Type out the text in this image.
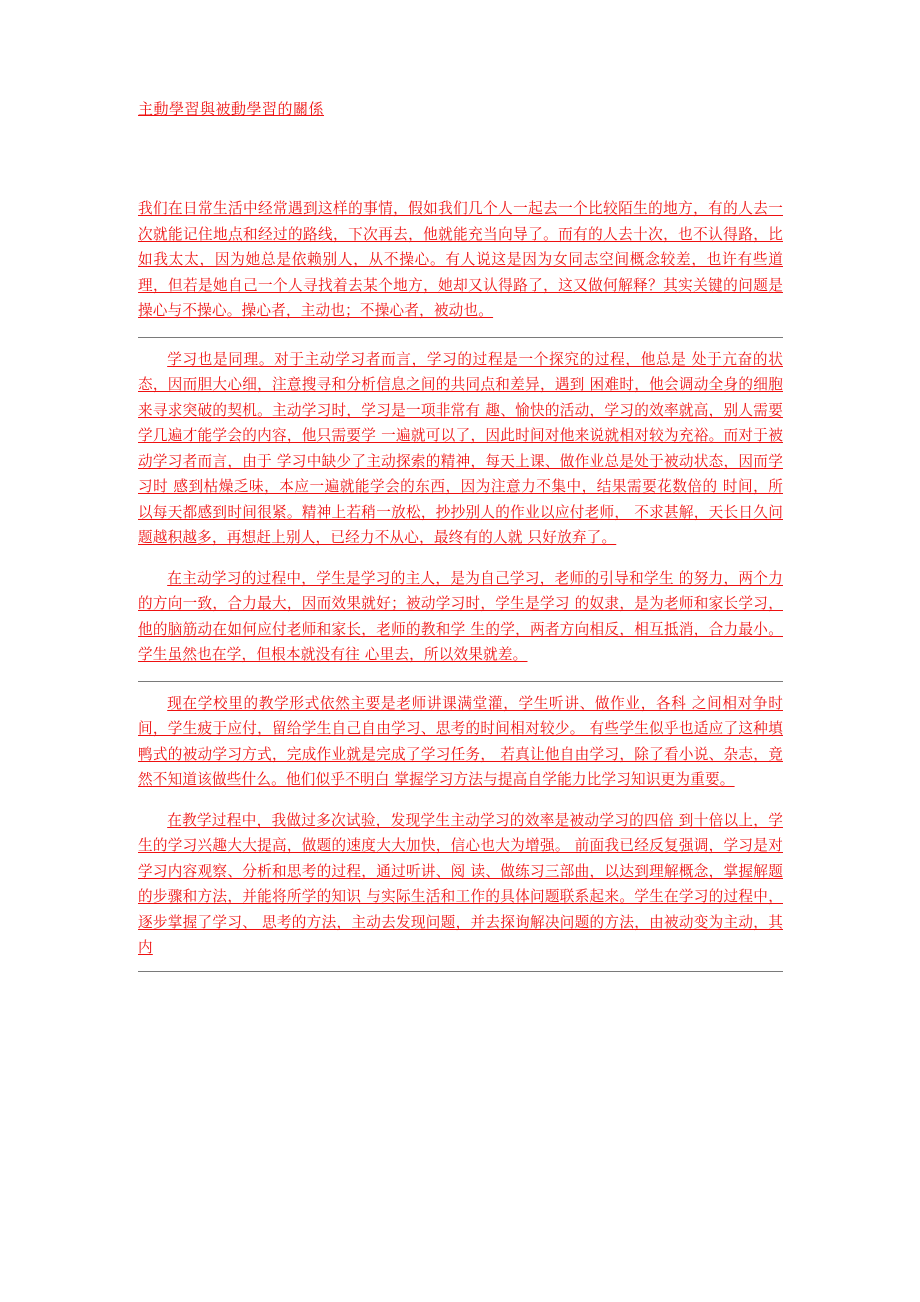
主動學習與被動學習的關係

我们在日常生活中经常遇到这样的事情，假如我们几个人一起去一个比较陌生的地方，有的人去一次就能记住地点和经过的路线，下次再去，他就能充当向导了。而有的人去十次，也不认得路，比如我太太，因为她总是依赖别人，从不操心。有人说这是因为女同志空间概念较差，也许有些道理，但若是她自己一个人寻找着去某个地方，她却又认得路了，这又做何解释？其实关键的问题是操心与不操心。操心者，主动也；不操心者，被动也。

学习也是同理。对于主动学习者而言，学习的过程是一个探究的过程，他总是 处于亢奋的状态，因而胆大心细，注意搜寻和分析信息之间的共同点和差异，遇到 困难时，他会调动全身的细胞来寻求突破的契机。主动学习时，学习是一项非常有 趣、愉快的活动，学习的效率就高，别人需要学几遍才能学会的内容，他只需要学 一遍就可以了，因此时间对他来说就相对较为充裕。而对于被动学习者而言，由于 学习中缺少了主动探索的精神，每天上课、做作业总是处于被动状态，因而学习时 感到枯燥乏味，本应一遍就能学会的东西，因为注意力不集中，结果需要花数倍的 时间，所以每天都感到时间很紧。精神上若稍一放松，抄抄别人的作业以应付老师， 不求甚解，天长日久问题越积越多，再想赶上别人，已经力不从心，最终有的人就 只好放弃了。

在主动学习的过程中，学生是学习的主人，是为自己学习，老师的引导和学生 的努力，两个力的方向一致，合力最大，因而效果就好；被动学习时，学生是学习 的奴隶，是为老师和家长学习，他的脑筋动在如何应付老师和家长，老师的教和学 生的学，两者方向相反，相互抵消，合力最小。学生虽然也在学，但根本就没有往 心里去，所以效果就差。

现在学校里的教学形式依然主要是老师讲课满堂灌，学生听讲、做作业，各科 之间相对争时间，学生疲于应付，留给学生自己自由学习、思考的时间相对较少。 有些学生似乎也适应了这种填鸭式的被动学习方式，完成作业就是完成了学习任务， 若真让他自由学习，除了看小说、杂志，竟然不知道该做些什么。他们似乎不明白 掌握学习方法与提高自学能力比学习知识更为重要。

在教学过程中，我做过多次试验，发现学生主动学习的效率是被动学习的四倍 到十倍以上，学生的学习兴趣大大提高，做题的速度大大加快，信心也大为增强。 前面我已经反复强调，学习是对学习内容观察、分析和思考的过程，通过听讲、阅 读、做练习三部曲，以达到理解概念，掌握解题的步骤和方法，并能将所学的知识 与实际生活和工作的具体问题联系起来。学生在学习的过程中，逐步掌握了学习、 思考的方法，主动去发现问题，并去探询解决问题的方法，由被动变为主动，其内
